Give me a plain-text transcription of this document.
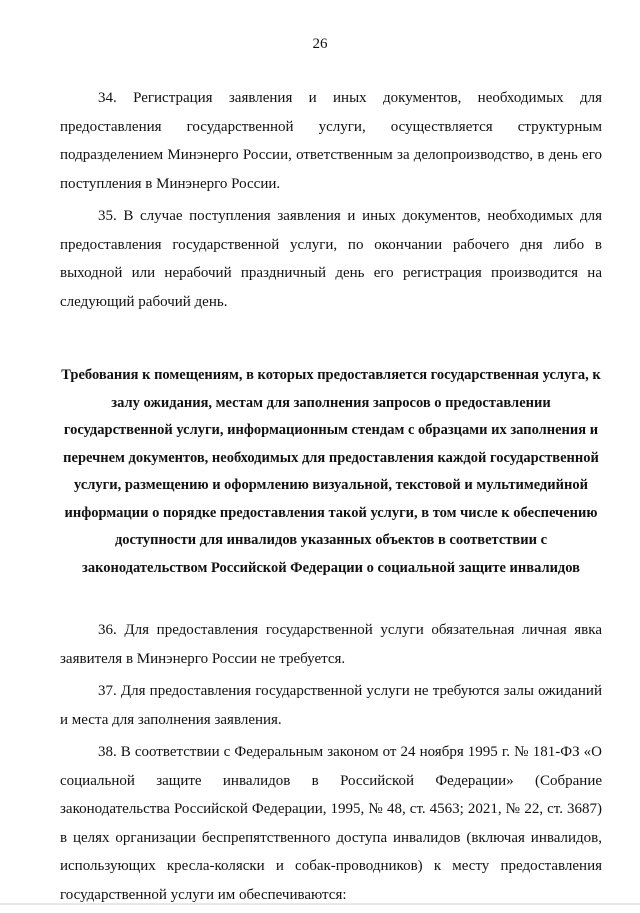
26

34. Регистрация заявления и иных документов, необходимых для предоставления государственной услуги, осуществляется структурным подразделением Минэнерго России, ответственным за делопроизводство, в день его поступления в Минэнерго России.

35. В случае поступления заявления и иных документов, необходимых для предоставления государственной услуги, по окончании рабочего дня либо в выходной или нерабочий праздничный день его регистрация производится на следующий рабочий день.

Требования к помещениям, в которых предоставляется государственная услуга, к залу ожидания, местам для заполнения запросов о предоставлении государственной услуги, информационным стендам с образцами их заполнения и перечнем документов, необходимых для предоставления каждой государственной услуги, размещению и оформлению визуальной, текстовой и мультимедийной информации о порядке предоставления такой услуги, в том числе к обеспечению доступности для инвалидов указанных объектов в соответствии с законодательством Российской Федерации о социальной защите инвалидов

36. Для предоставления государственной услуги обязательная личная явка заявителя в Минэнерго России не требуется.

37. Для предоставления государственной услуги не требуются залы ожиданий и места для заполнения заявления.

38. В соответствии с Федеральным законом от 24 ноября 1995 г. № 181-ФЗ «О социальной защите инвалидов в Российской Федерации» (Собрание законодательства Российской Федерации, 1995, № 48, ст. 4563; 2021, № 22, ст. 3687) в целях организации беспрепятственного доступа инвалидов (включая инвалидов, использующих кресла-коляски и собак-проводников) к месту предоставления государственной услуги им обеспечиваются:
